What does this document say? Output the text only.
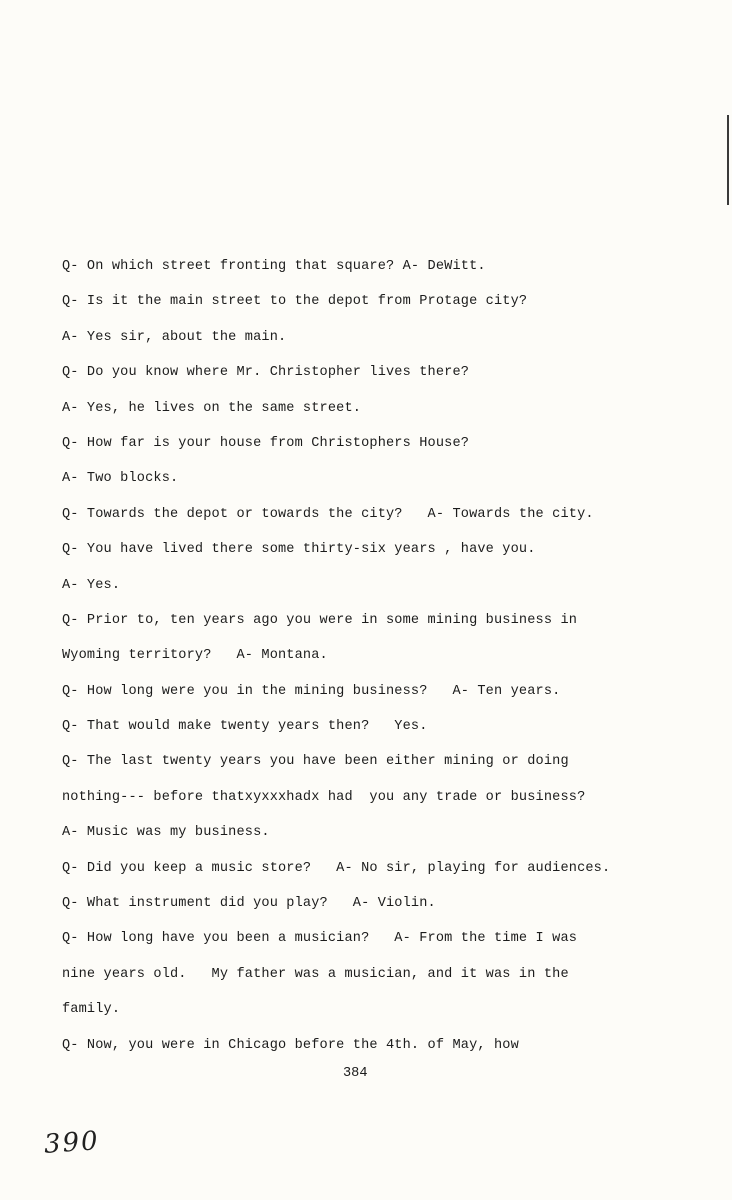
Q- On which street fronting that square? A- DeWitt.
Q- Is it the main street to the depot from Protage city?
A- Yes sir, about the main.
Q- Do you know where Mr. Christopher lives there?
A- Yes, he lives on the same street.
Q- How far is your house from Christophers House?
A- Two blocks.
Q- Towards the depot or towards the city?   A- Towards the city.
Q- You have lived there some thirty-six years , have you.
A- Yes.
Q- Prior to, ten years ago you were in some mining business in
Wyoming territory?   A- Montana.
Q- How long were you in the mining business?   A- Ten years.
Q- That would make twenty years then?   Yes.
Q- The last twenty years you have been either mining or doing
nothing--- before thatxyxxxhadx had  you any trade or business?
A- Music was my business.
Q- Did you keep a music store?   A- No sir, playing for audiences.
Q- What instrument did you play?   A- Violin.
Q- How long have you been a musician?   A- From the time I was
nine years old.   My father was a musician, and it was in the
family.
Q- Now, you were in Chicago before the 4th. of May, how
384
390
